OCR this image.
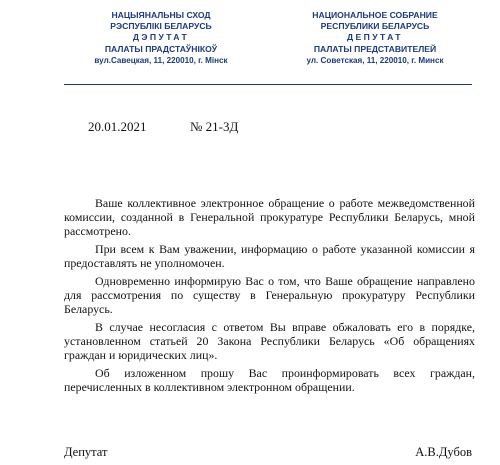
НАЦЫЯНАЛЬНЫ СХОД
РЭСПУБЛІКІ БЕЛАРУСЬ
ДЭПУТАТ
ПАЛАТЫ ПРАДСТАЎНІКОЎ
вул.Савецкая, 11, 220010, г. Мінск
НАЦИОНАЛЬНОЕ СОБРАНИЕ
РЕСПУБЛИКИ БЕЛАРУСЬ
ДЕПУТАТ
ПАЛАТЫ ПРЕДСТАВИТЕЛЕЙ
ул. Советская, 11, 220010, г. Минск
20.01.2021	№ 21-3Д

Ваше коллективное электронное обращение о работе межведомственной комиссии, созданной в Генеральной прокуратуре Республики Беларусь, мной рассмотрено.

При всем к Вам уважении, информацию о работе указанной комиссии я предоставлять не уполномочен.

Одновременно информирую Вас о том, что Ваше обращение направлено для рассмотрения по существу в Генеральную прокуратуру Республики Беларусь.

В случае несогласия с ответом Вы вправе обжаловать его в порядке, установленном статьей 20 Закона Республики Беларусь «Об обращениях граждан и юридических лиц».

Об изложенном прошу Вас проинформировать всех граждан, перечисленных в коллективном электронном обращении.

Депутат	А.В.Дубов
